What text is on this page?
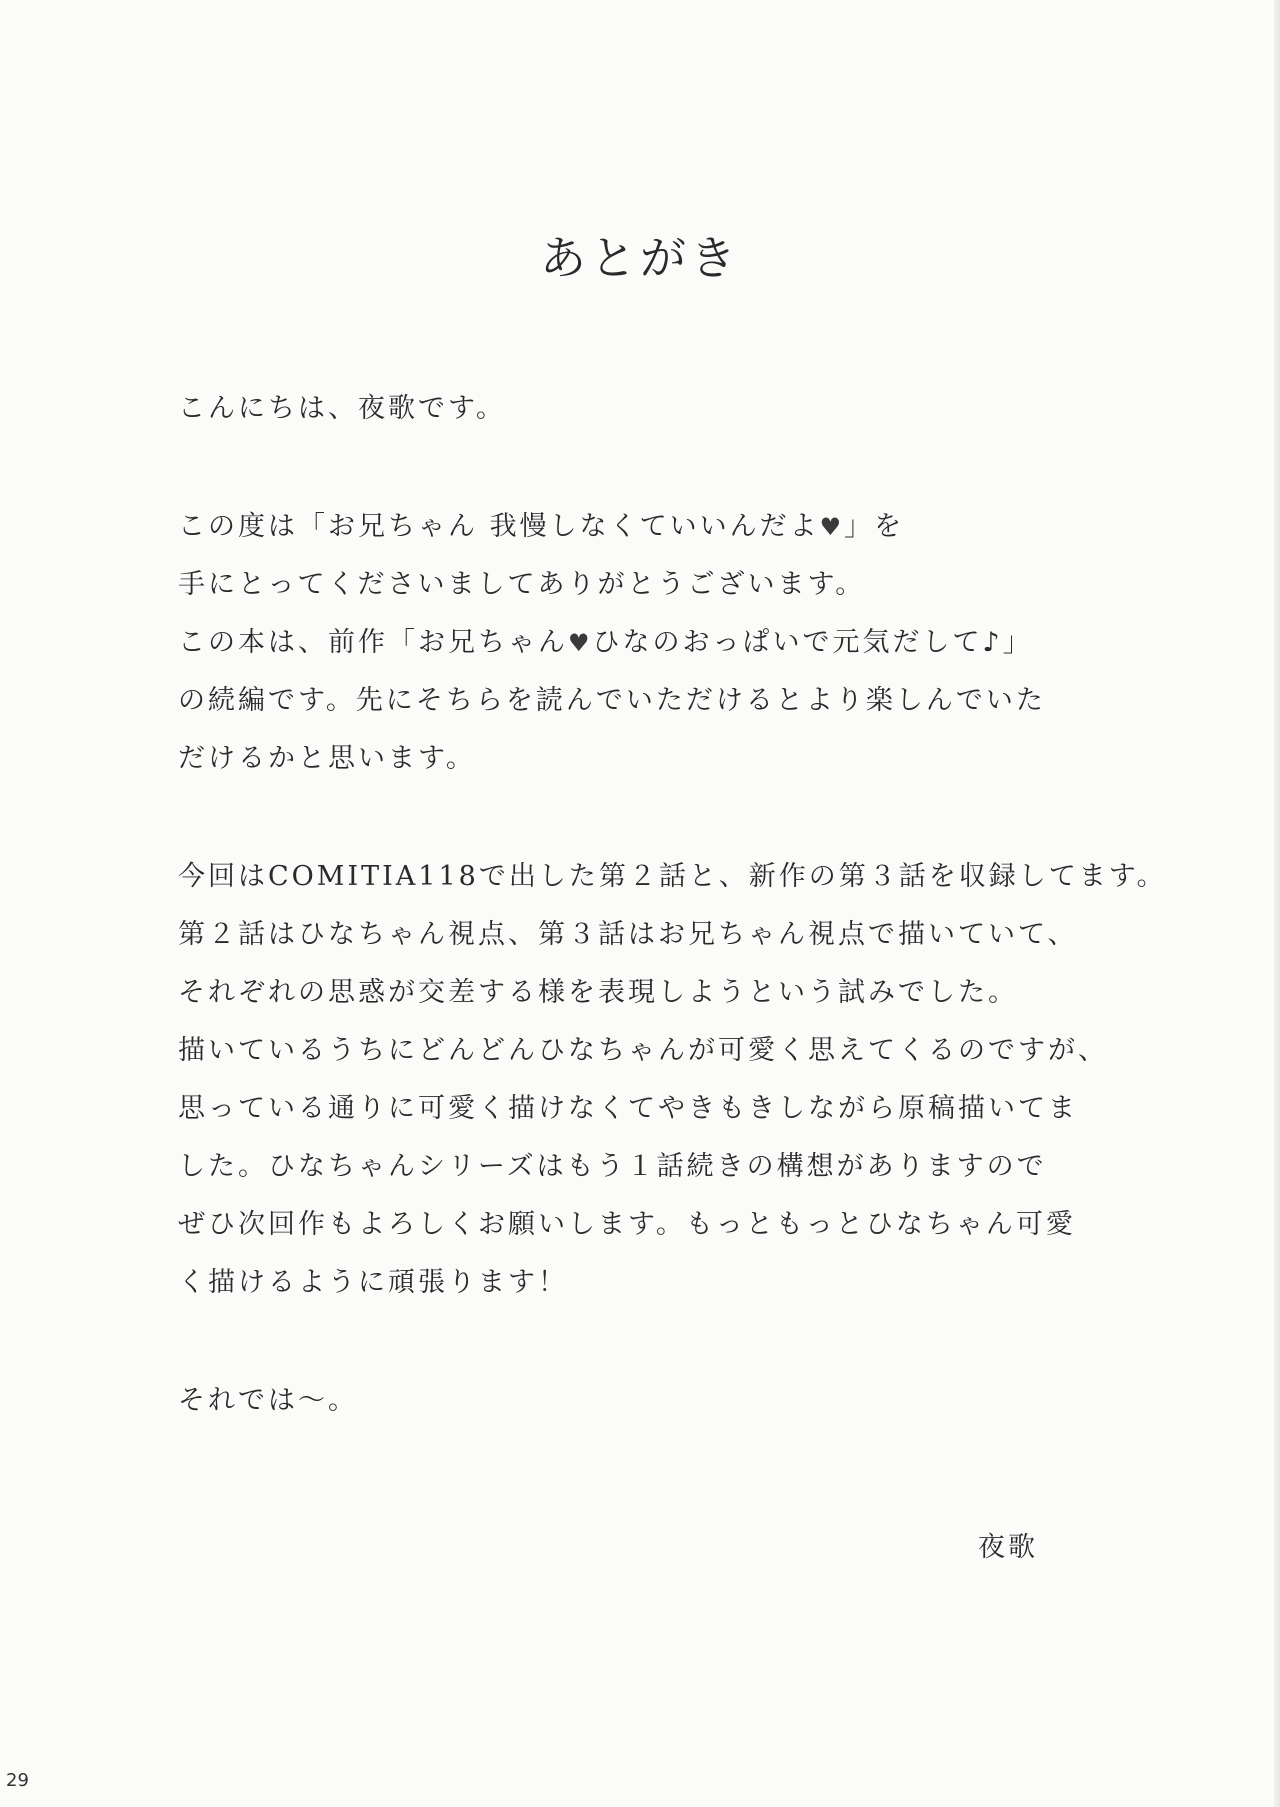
あとがき
こんにちは、夜歌です。
この度は「お兄ちゃん 我慢しなくていいんだよ♥」を
手にとってくださいましてありがとうございます。
この本は、前作「お兄ちゃん♥ひなのおっぱいで元気だして♪」
の続編です。先にそちらを読んでいただけるとより楽しんでいた
だけるかと思います。
今回はCOMITIA118で出した第２話と、新作の第３話を収録してます。
第２話はひなちゃん視点、第３話はお兄ちゃん視点で描いていて、
それぞれの思惑が交差する様を表現しようという試みでした。
描いているうちにどんどんひなちゃんが可愛く思えてくるのですが、
思っている通りに可愛く描けなくてやきもきしながら原稿描いてま
した。ひなちゃんシリーズはもう１話続きの構想がありますので
ぜひ次回作もよろしくお願いします。もっともっとひなちゃん可愛
く描けるように頑張ります！
それでは～。
夜歌
29
